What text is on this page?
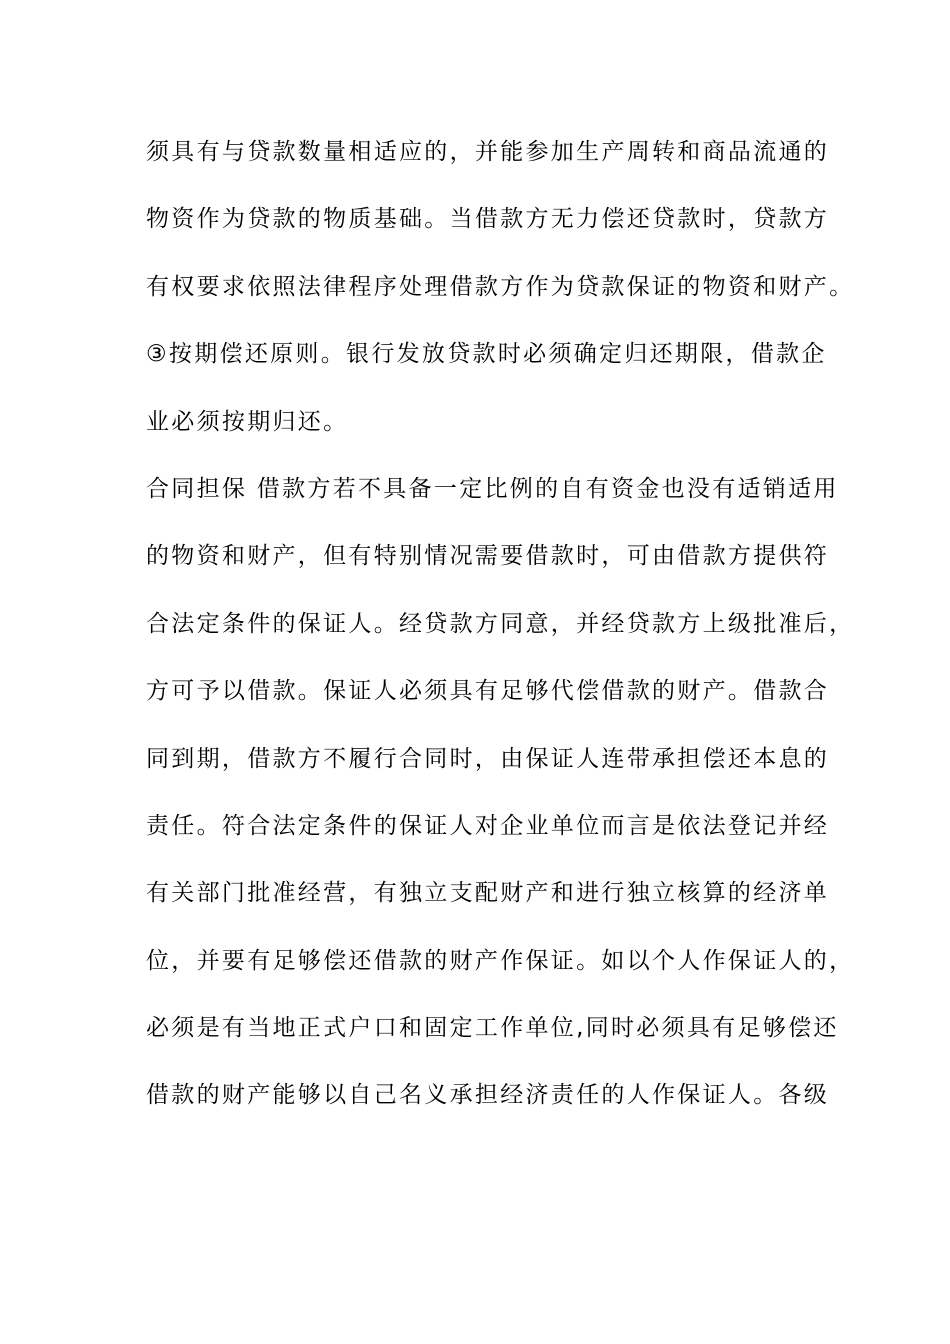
须具有与贷款数量相适应的，并能参加生产周转和商品流通的
物资作为贷款的物质基础。当借款方无力偿还贷款时，贷款方
有权要求依照法律程序处理借款方作为贷款保证的物资和财产。
③按期偿还原则。银行发放贷款时必须确定归还期限，借款企
业必须按期归还。
合同担保 借款方若不具备一定比例的自有资金也没有适销适用
的物资和财产，但有特别情况需要借款时，可由借款方提供符
合法定条件的保证人。经贷款方同意，并经贷款方上级批准后，
方可予以借款。保证人必须具有足够代偿借款的财产。借款合
同到期，借款方不履行合同时，由保证人连带承担偿还本息的
责任。符合法定条件的保证人对企业单位而言是依法登记并经
有关部门批准经营，有独立支配财产和进行独立核算的经济单
位，并要有足够偿还借款的财产作保证。如以个人作保证人的，
必须是有当地正式户口和固定工作单位,同时必须具有足够偿还
借款的财产能够以自己名义承担经济责任的人作保证人。各级
